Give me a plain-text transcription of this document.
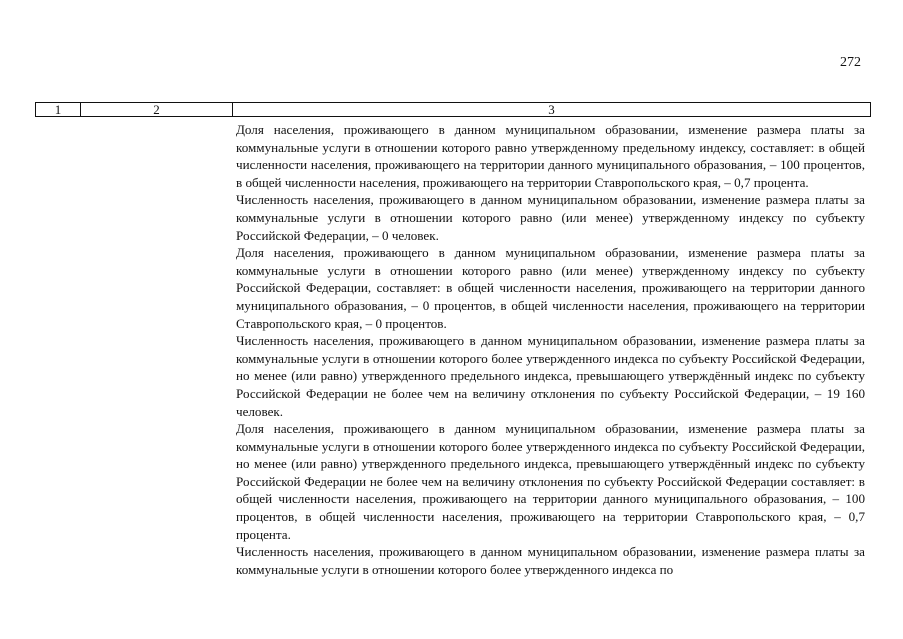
272
1	2	3

Доля населения, проживающего в данном муниципальном образовании, изменение размера платы за коммунальные услуги в отношении которого равно утвержденному предельному индексу, составляет: в общей численности населения, проживающего на территории данного муниципального образования, – 100 процентов, в общей численности населения, проживающего на территории Ставропольского края, – 0,7 процента.

Численность населения, проживающего в данном муниципальном образовании, изменение размера платы за коммунальные услуги в отношении которого равно (или менее) утвержденному индексу по субъекту Российской Федерации, – 0 человек.

Доля населения, проживающего в данном муниципальном образовании, изменение размера платы за коммунальные услуги в отношении которого равно (или менее) утвержденному индексу по субъекту Российской Федерации, составляет: в общей численности населения, проживающего на территории данного муниципального образования, – 0 процентов, в общей численности населения, проживающего на территории Ставропольского края, – 0 процентов.

Численность населения, проживающего в данном муниципальном образовании, изменение размера платы за коммунальные услуги в отношении которого более утвержденного индекса по субъекту Российской Федерации, но менее (или равно) утвержденного предельного индекса, превышающего утверждённый индекс по субъекту Российской Федерации не более чем на величину отклонения по субъекту Российской Федерации, – 19 160 человек.

Доля населения, проживающего в данном муниципальном образовании, изменение размера платы за коммунальные услуги в отношении которого более утвержденного индекса по субъекту Российской Федерации, но менее (или равно) утвержденного предельного индекса, превышающего утверждённый индекс по субъекту Российской Федерации не более чем на величину отклонения по субъекту Российской Федерации составляет: в общей численности населения, проживающего на территории данного муниципального образования, – 100 процентов, в общей численности населения, проживающего на территории Ставропольского края, – 0,7 процента.

Численность населения, проживающего в данном муниципальном образовании, изменение размера платы за коммунальные услуги в отношении которого более утвержденного индекса по
